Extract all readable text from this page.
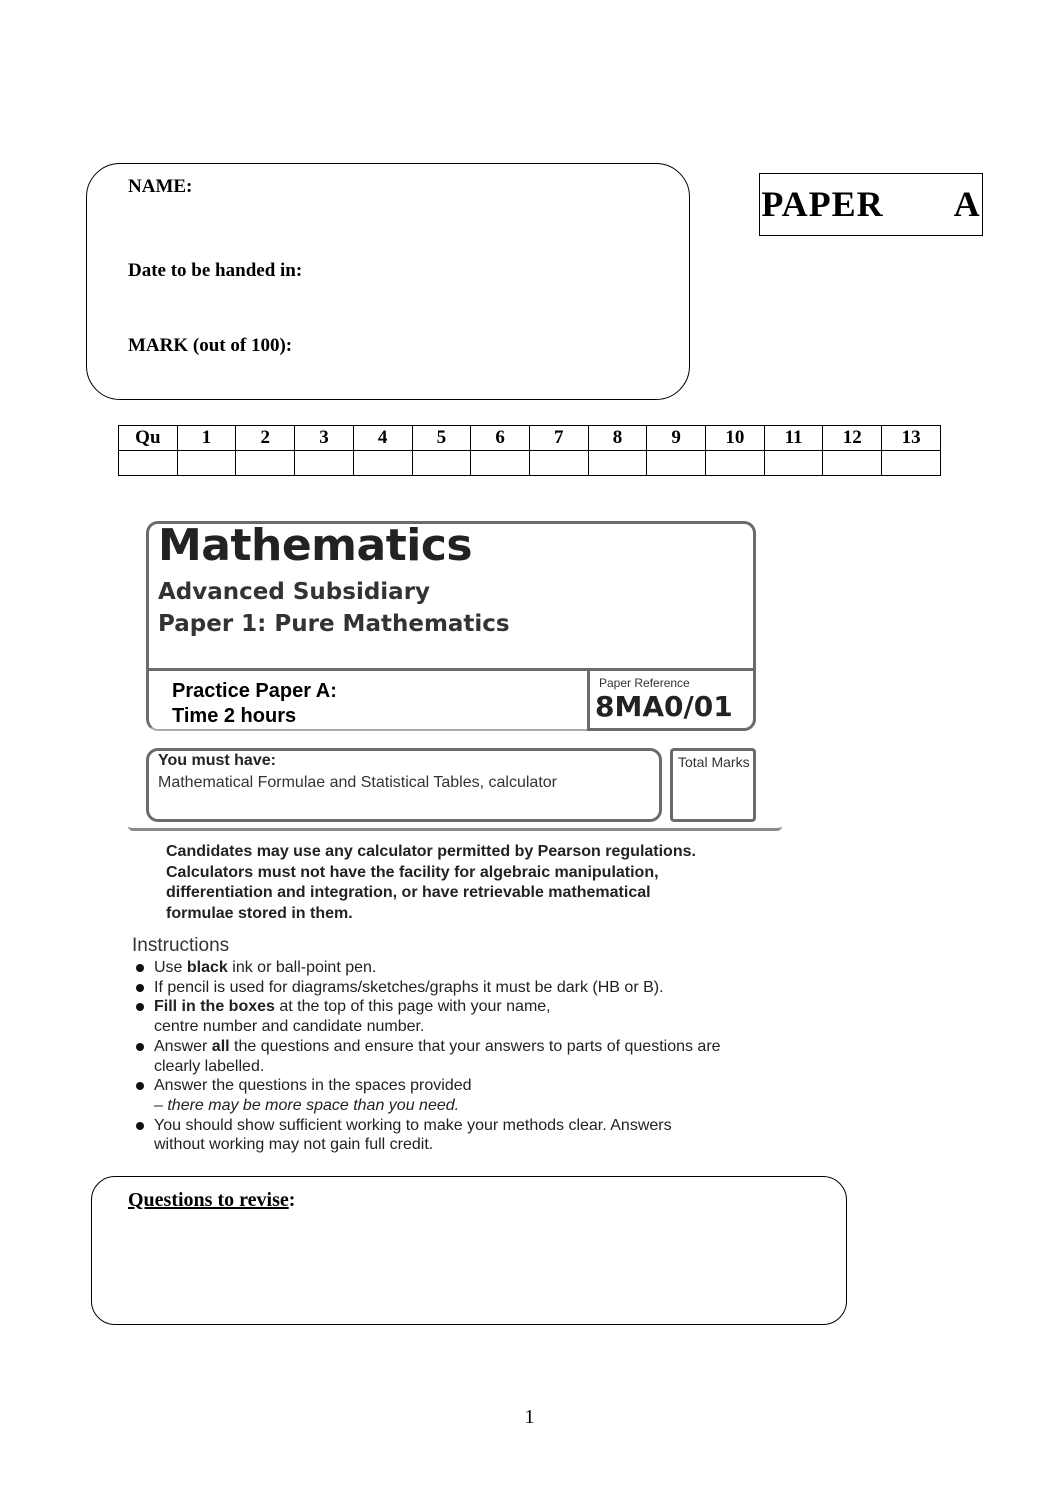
NAME:
Date to be handed in:
MARK (out of 100):
PAPER   A
Qu	1	2	3	4	5	6	7	8	9	10	11	12	13

Mathematics
Advanced Subsidiary
Paper 1: Pure Mathematics
Practice Paper A:
Time 2 hours
Paper Reference
8MA0/01
You must have:
Mathematical Formulae and Statistical Tables, calculator
Total Marks
Candidates may use any calculator permitted by Pearson regulations.
Calculators must not have the facility for algebraic manipulation,
differentiation and integration, or have retrievable mathematical
formulae stored in them.
Instructions
Use black ink or ball-point pen.
If pencil is used for diagrams/sketches/graphs it must be dark (HB or B).
Fill in the boxes at the top of this page with your name,
centre number and candidate number.
Answer all the questions and ensure that your answers to parts of questions are
clearly labelled.
Answer the questions in the spaces provided
– there may be more space than you need.
You should show sufficient working to make your methods clear. Answers
without working may not gain full credit.
Questions to revise:
1
